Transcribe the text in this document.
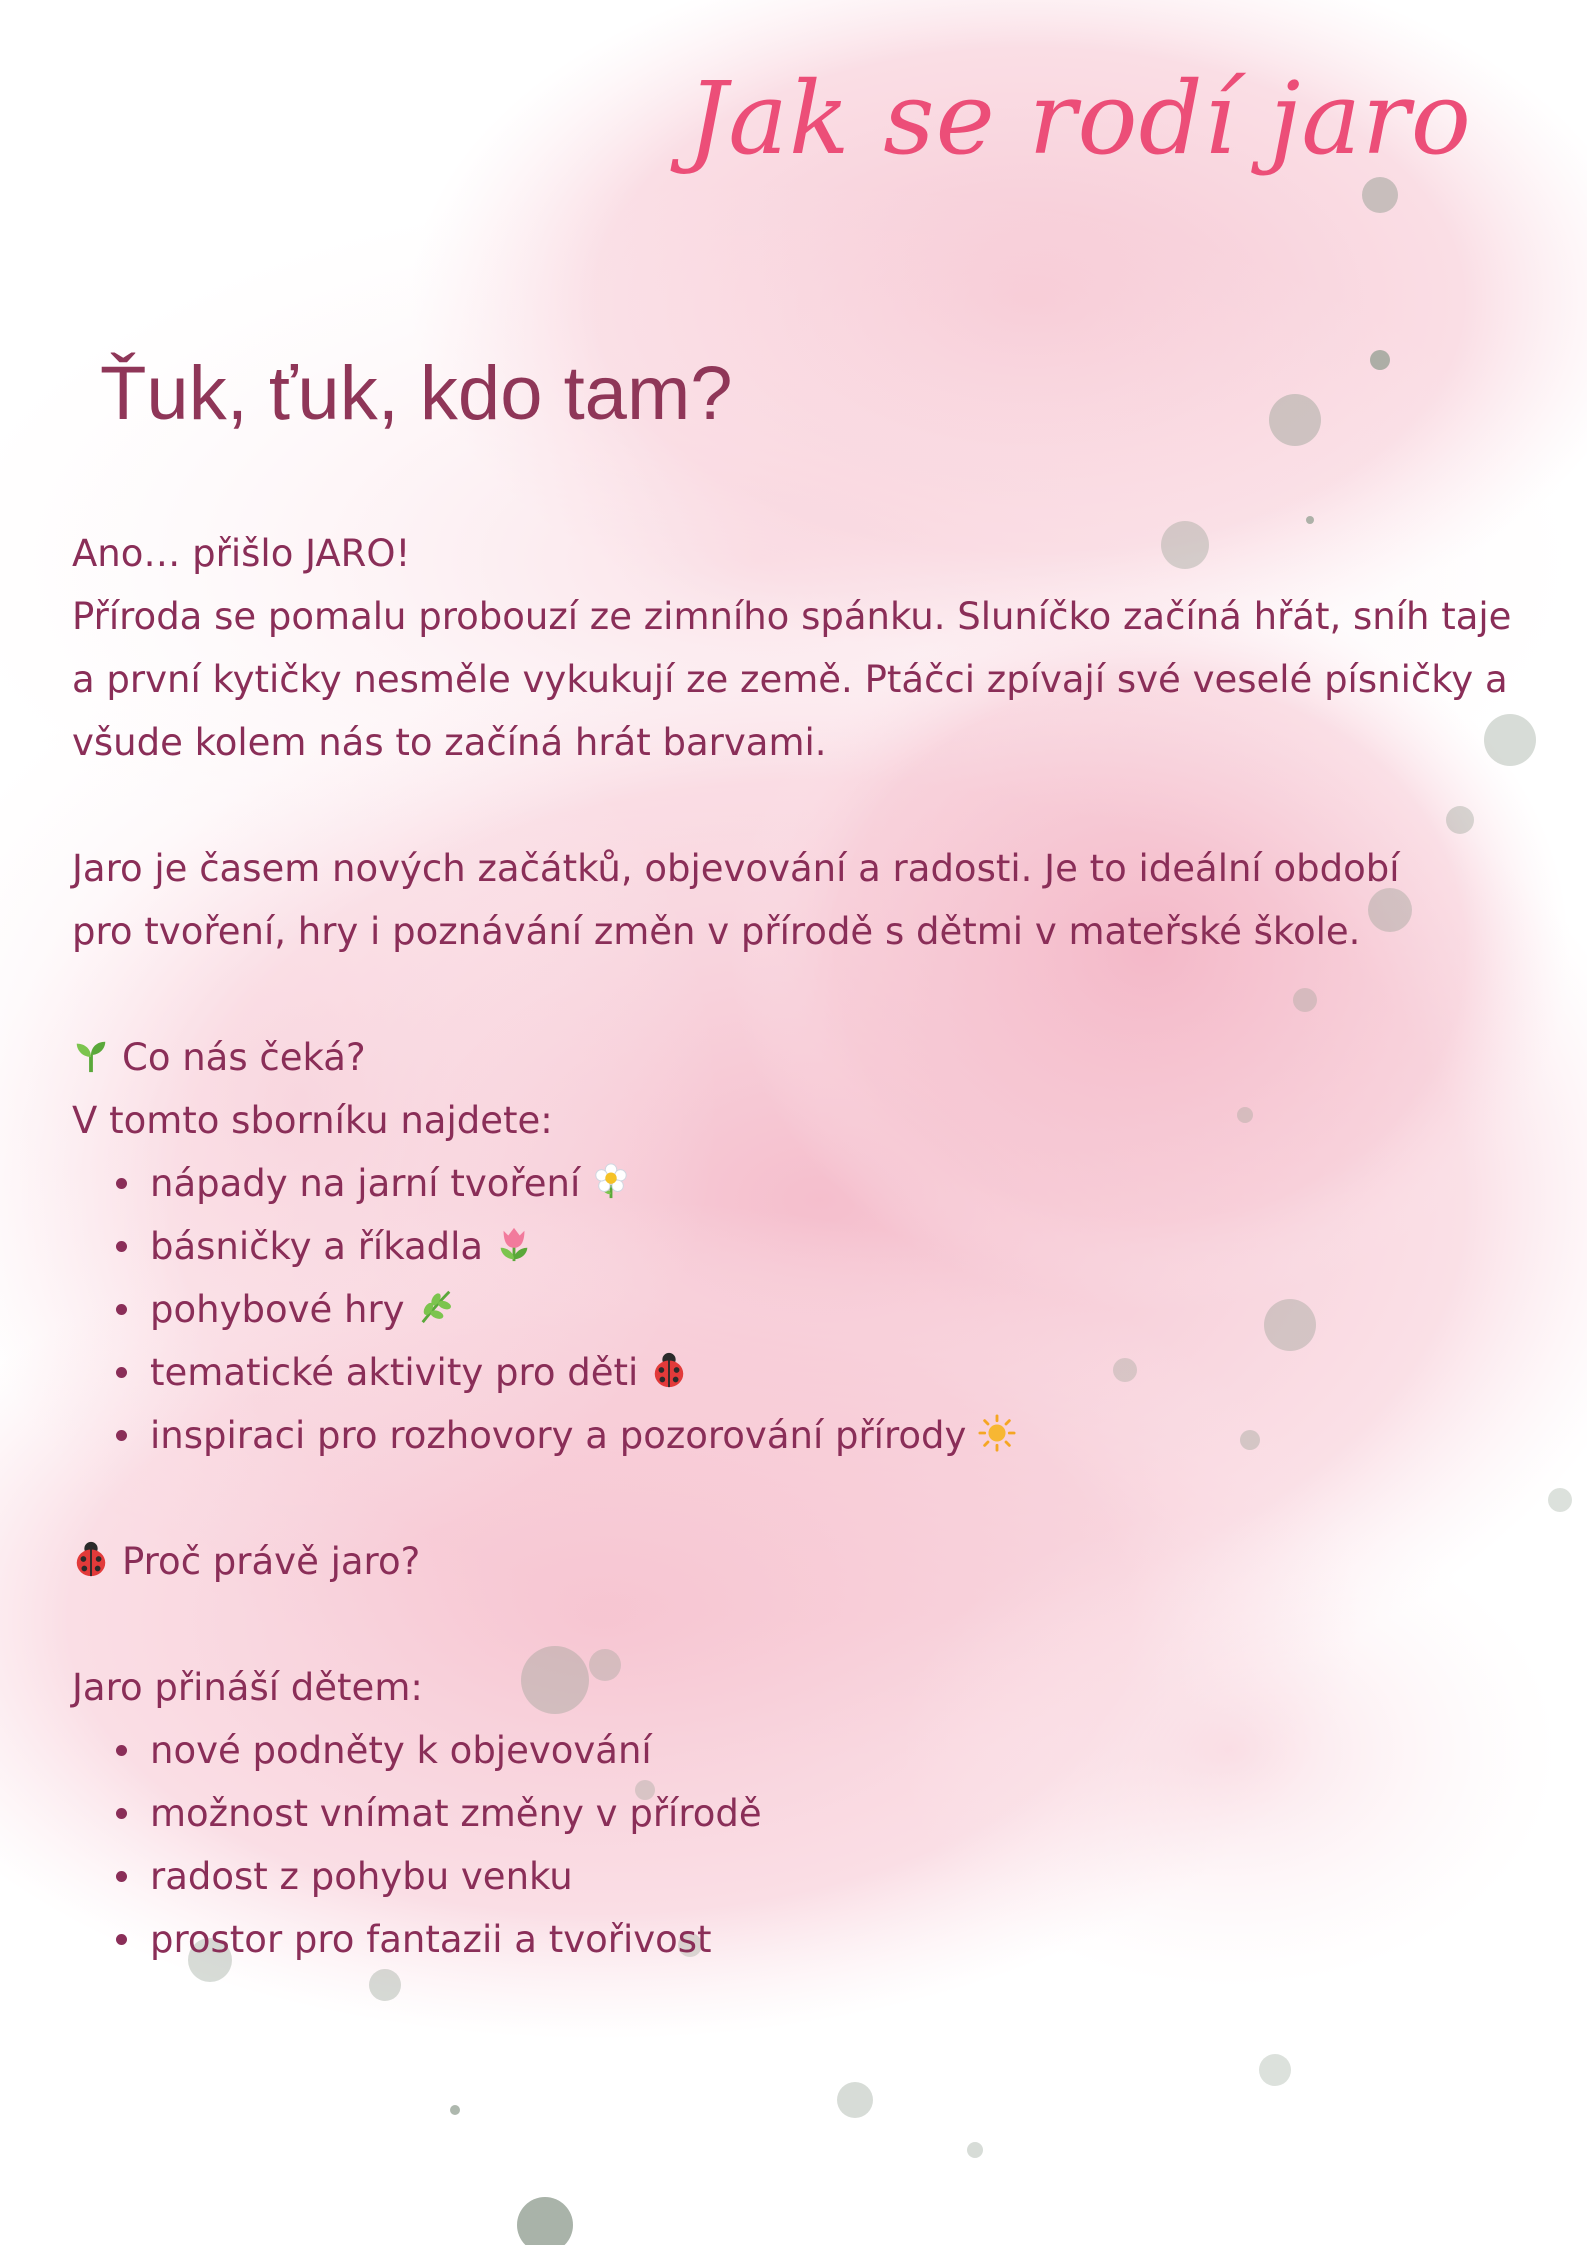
Jak se rodí jaro
Ťuk, ťuk, kdo tam?

Ano… přišlo JARO!

Příroda se pomalu probouzí ze zimního spánku. Sluníčko začíná hřát, sníh taje a první kytičky nesměle vykukují ze země. Ptáčci zpívají své veselé písničky a všude kolem nás to začíná hrát barvami.

Jaro je časem nových začátků, objevování a radosti. Je to ideální období pro tvoření, hry i poznávání změn v přírodě s dětmi v mateřské škole.

Co nás čeká?

V tomto sborníku najdete:

nápady na jarní tvoření
básničky a říkadla
pohybové hry
tematické aktivity pro děti
inspiraci pro rozhovory a pozorování přírody

Proč právě jaro?

Jaro přináší dětem:

nové podněty k objevování
možnost vnímat změny v přírodě
radost z pohybu venku
prostor pro fantazii a tvořivost
